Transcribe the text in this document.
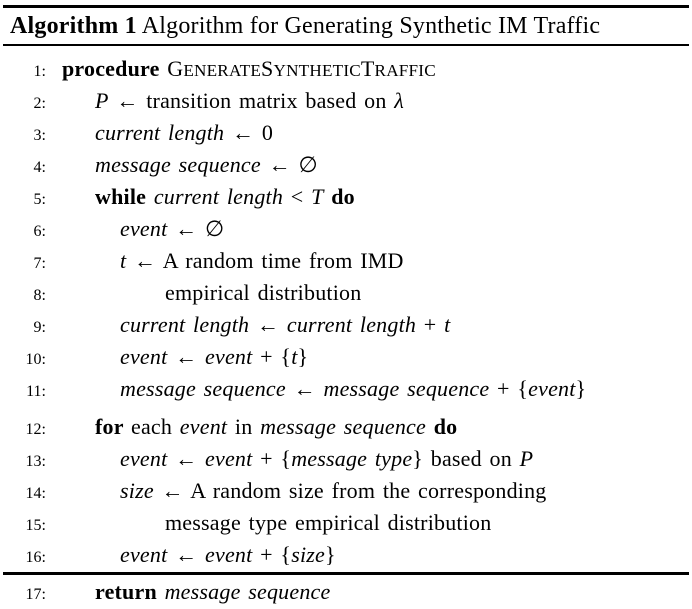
Algorithm 1 Algorithm for Generating Synthetic IM Traffic
1: procedure GENERATESYNTHETICTRAFFIC
2: P ← transition matrix based on λ
3: current length ← 0
4: message sequence ← ∅
5: while current length < T do
6:	event ← ∅
7:	t ← A random time from IMD
8:	empirical distribution
9:	current length ← current length + t
10:	event ← event + {t}
11:	message sequence ← message sequence + {event}
12: for each event in message sequence do
13:	event ← event + {message type} based on P
14:	size ← A random size from the corresponding
15:	message type empirical distribution
16:	event ← event + {size}
17: return message sequence
